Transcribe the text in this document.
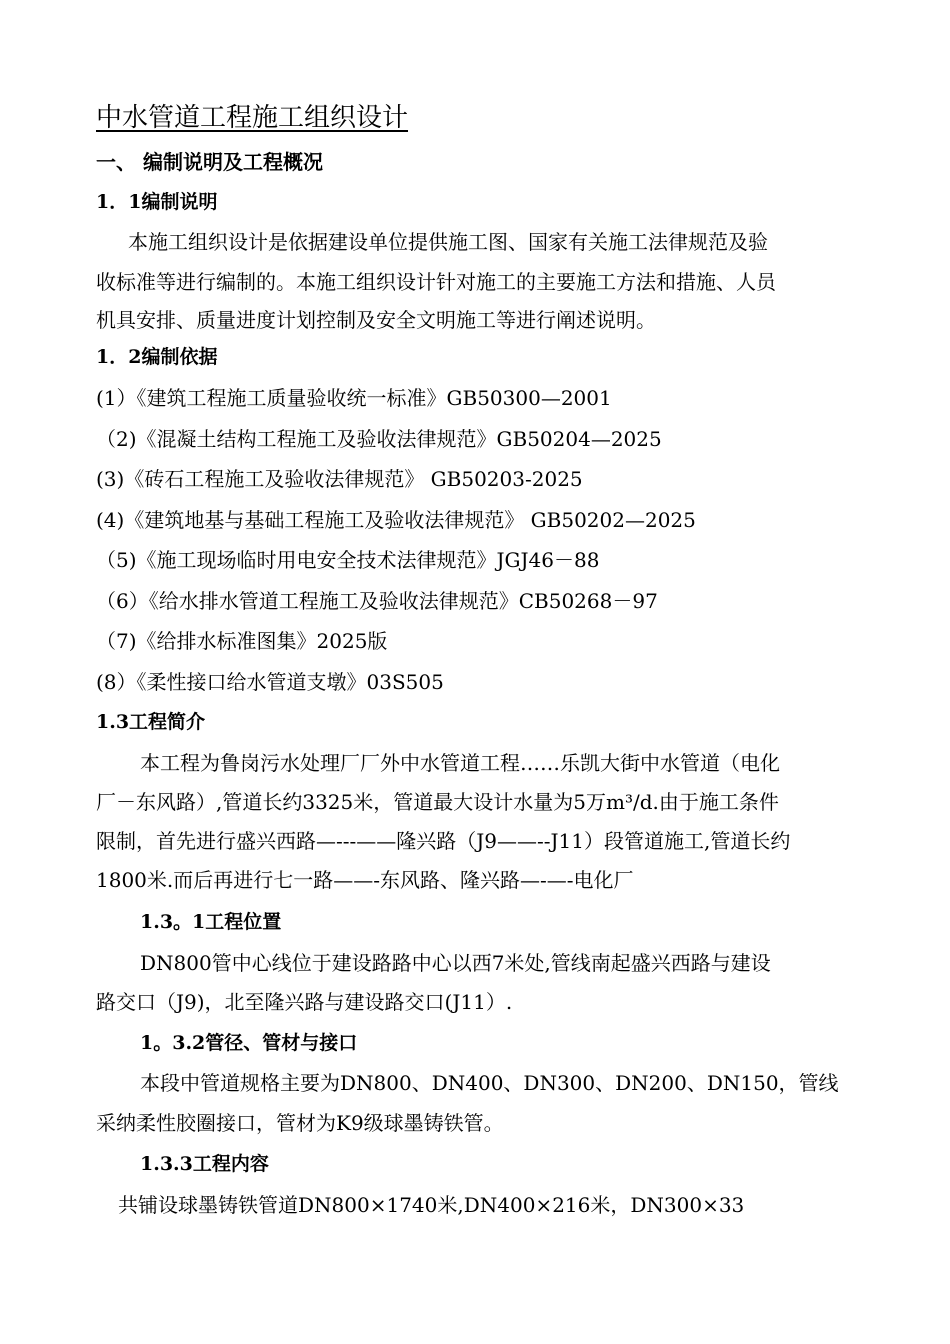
中水管道工程施工组织设计
一、 编制说明及工程概况
1．1编制说明
本施工组织设计是依据建设单位提供施工图、国家有关施工法律规范及验
收标准等进行编制的。本施工组织设计针对施工的主要施工方法和措施、人员
机具安排、质量进度计划控制及安全文明施工等进行阐述说明。
1．2编制依据
(1）《建筑工程施工质量验收统一标准》GB50300—2001
（2)《混凝土结构工程施工及验收法律规范》GB50204—2025
(3)《砖石工程施工及验收法律规范》 GB50203-2025
(4)《建筑地基与基础工程施工及验收法律规范》 GB50202—2025
（5)《施工现场临时用电安全技术法律规范》JGJ46－88
（6）《给水排水管道工程施工及验收法律规范》CB50268－97
（7)《给排水标准图集》2025版
(8）《柔性接口给水管道支墩》03S505
1.3工程简介
本工程为鲁岗污水处理厂厂外中水管道工程……乐凯大街中水管道（电化
厂－东风路）,管道长约3325米，管道最大设计水量为5万m³/d.由于施工条件
限制，首先进行盛兴西路—---——隆兴路（J9——--J11）段管道施工,管道长约
1800米.而后再进行七一路——-东风路、隆兴路—-—-电化厂
1.3。1工程位置
DN800管中心线位于建设路路中心以西7米处,管线南起盛兴西路与建设
路交口（J9)，北至隆兴路与建设路交口(J11）.
1。3.2管径、管材与接口
本段中管道规格主要为DN800、DN400、DN300、DN200、DN150，管线
采纳柔性胶圈接口，管材为K9级球墨铸铁管。
1.3.3工程内容
共铺设球墨铸铁管道DN800×1740米,DN400×216米，DN300×33
